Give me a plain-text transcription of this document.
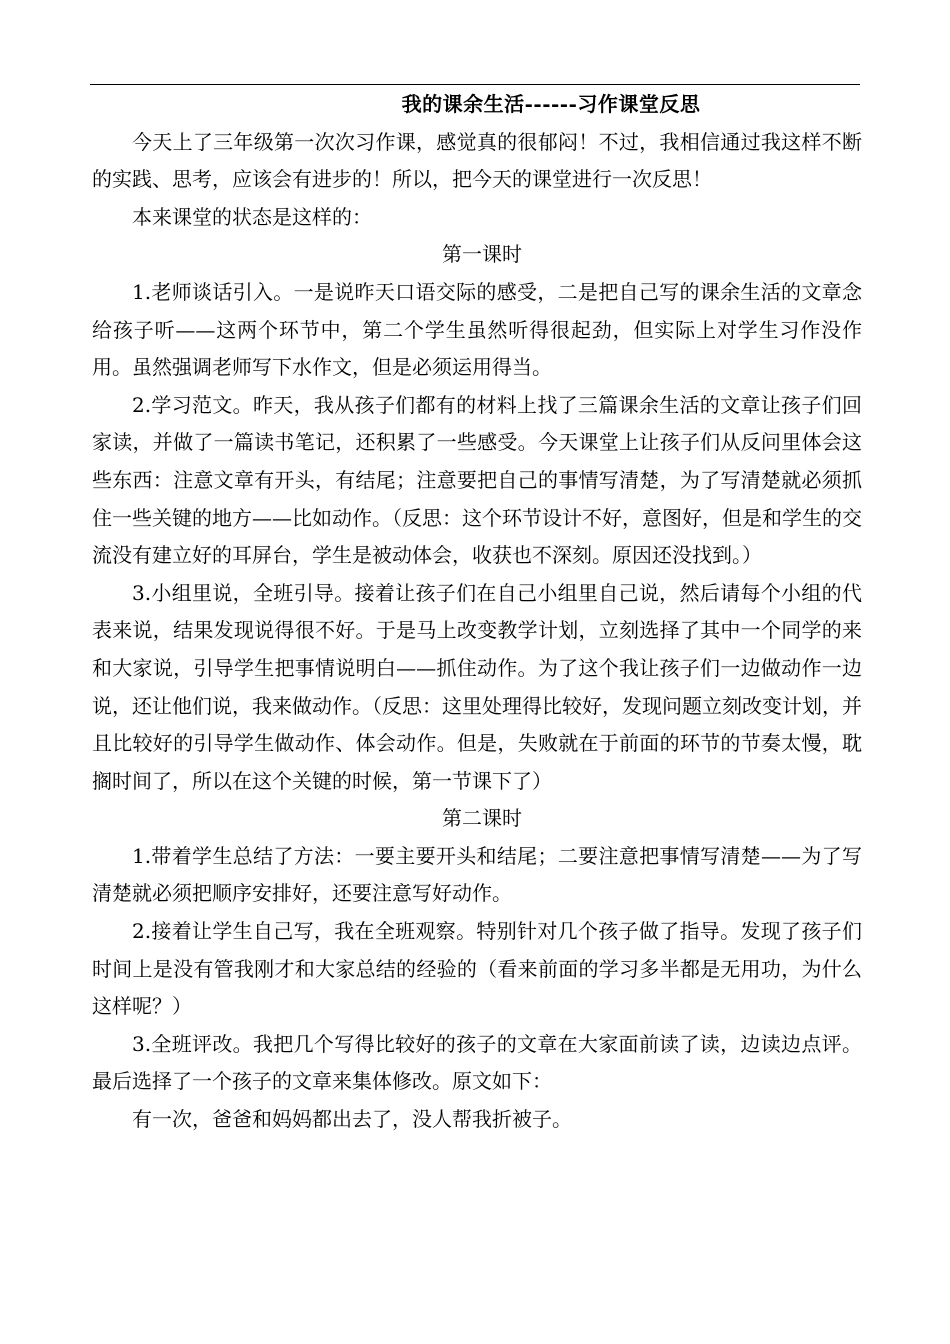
我的课余生活------习作课堂反思

今天上了三年级第一次次习作课，感觉真的很郁闷！不过，我相信通过我这样不断的实践、思考，应该会有进步的！所以，把今天的课堂进行一次反思！

本来课堂的状态是这样的：

第一课时

1.老师谈话引入。一是说昨天口语交际的感受，二是把自己写的课余生活的文章念给孩子听——这两个环节中，第二个学生虽然听得很起劲，但实际上对学生习作没作用。虽然强调老师写下水作文，但是必须运用得当。

2.学习范文。昨天，我从孩子们都有的材料上找了三篇课余生活的文章让孩子们回家读，并做了一篇读书笔记，还积累了一些感受。今天课堂上让孩子们从反问里体会这些东西：注意文章有开头，有结尾；注意要把自己的事情写清楚，为了写清楚就必须抓住一些关键的地方——比如动作。（反思：这个环节设计不好，意图好，但是和学生的交流没有建立好的耳屏台，学生是被动体会，收获也不深刻。原因还没找到。）

3.小组里说，全班引导。接着让孩子们在自己小组里自己说，然后请每个小组的代表来说，结果发现说得很不好。于是马上改变教学计划，立刻选择了其中一个同学的来和大家说，引导学生把事情说明白——抓住动作。为了这个我让孩子们一边做动作一边说，还让他们说，我来做动作。（反思：这里处理得比较好，发现问题立刻改变计划，并且比较好的引导学生做动作、体会动作。但是，失败就在于前面的环节的节奏太慢，耽搁时间了，所以在这个关键的时候，第一节课下了）

第二课时

1.带着学生总结了方法：一要主要开头和结尾；二要注意把事情写清楚——为了写清楚就必须把顺序安排好，还要注意写好动作。

2.接着让学生自己写，我在全班观察。特别针对几个孩子做了指导。发现了孩子们时间上是没有管我刚才和大家总结的经验的（看来前面的学习多半都是无用功，为什么这样呢？）

3.全班评改。我把几个写得比较好的孩子的文章在大家面前读了读，边读边点评。最后选择了一个孩子的文章来集体修改。原文如下：

有一次，爸爸和妈妈都出去了，没人帮我折被子。
